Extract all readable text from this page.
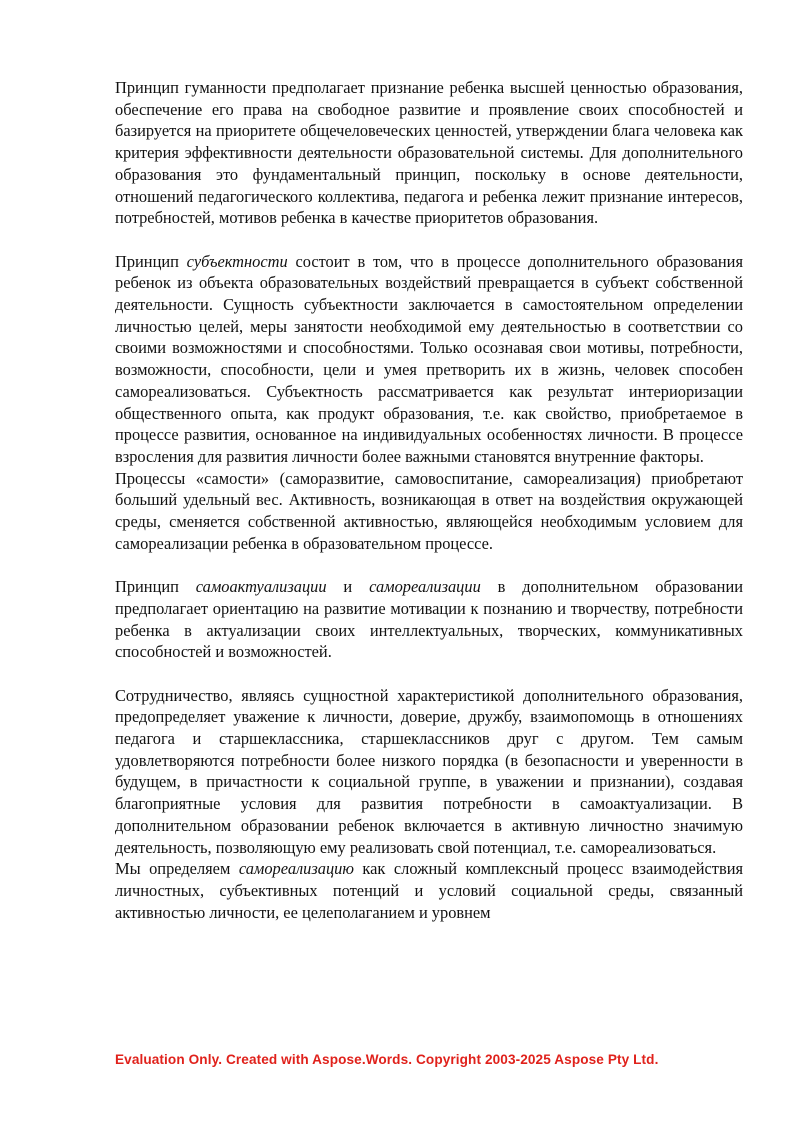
Принцип гуманности предполагает признание ребенка высшей ценностью образования, обеспечение его права на свободное развитие и проявление своих способностей и базируется на приоритете общечеловеческих ценностей, утверждении блага человека как критерия эффективности деятельности образовательной системы. Для дополнительного образования это фундаментальный принцип, поскольку в основе деятельности, отношений педагогического коллектива, педагога и ребенка лежит признание интересов, потребностей, мотивов ребенка в качестве приоритетов образования.

Принцип субъектности состоит в том, что в процессе дополнительного образования ребенок из объекта образовательных воздействий превращается в субъект собственной деятельности. Сущность субъектности заключается в самостоятельном определении личностью целей, меры занятости необходимой ему деятельностью в соответствии со своими возможностями и способностями. Только осознавая свои мотивы, потребности, возможности, способности, цели и умея претворить их в жизнь, человек способен самореализоваться. Субъектность рассматривается как результат интериоризации общественного опыта, как продукт образования, т.е. как свойство, приобретаемое в процессе развития, основанное на индивидуальных особенностях личности. В процессе взросления для развития личности более важными становятся внутренние факторы.

Процессы «самости» (саморазвитие, самовоспитание, самореализация) приобретают больший удельный вес. Активность, возникающая в ответ на воздействия окружающей среды, сменяется собственной активностью, являющейся необходимым условием для самореализации ребенка в образовательном процессе.

Принцип самоактуализации и самореализации в дополнительном образовании предполагает ориентацию на развитие мотивации к познанию и творчеству, потребности ребенка в актуализации своих интеллектуальных, творческих, коммуникативных способностей и возможностей.

Сотрудничество, являясь сущностной характеристикой дополнительного образования, предопределяет уважение к личности, доверие, дружбу, взаимопомощь в отношениях педагога и старшеклассника, старшеклассников друг с другом. Тем самым удовлетворяются потребности более низкого порядка (в безопасности и уверенности в будущем, в причастности к социальной группе, в уважении и признании), создавая благоприятные условия для развития потребности в самоактуализации. В дополнительном образовании ребенок включается в активную личностно значимую деятельность, позволяющую ему реализовать свой потенциал, т.е. самореализоваться.

Мы определяем самореализацию как сложный комплексный процесс взаимодействия личностных, субъективных потенций и условий социальной среды, связанный активностью личности, ее целеполаганием и уровнем

Evaluation Only. Created with Aspose.Words. Copyright 2003-2025 Aspose Pty Ltd.
